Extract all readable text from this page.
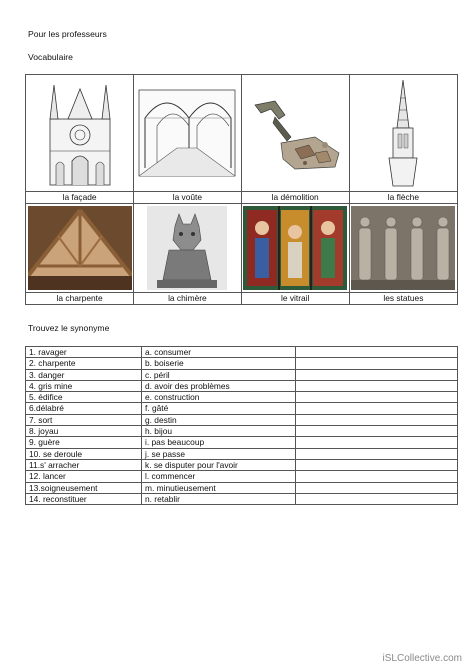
Pour les professeurs
Vocabulaire

la façade	la voûte	la démolition	la flèche

la charpente	la chimère	le vitrail	les statues
Trouvez le synonyme
1. ravager	a. consumer	
2. charpente	b. boiserie	
3. danger	c. péril	
4. gris mine	d. avoir des problèmes	
5. édifice	e. construction	
6.délabré	f. gâté	
7. sort	g. destin	
8. joyau	h. bijou	
9. guère	i. pas beaucoup	
10. se deroule	j. se passe	
11.s' arracher	k. se disputer pour l'avoir	
12. lancer	l. commencer	
13.soigneusement	m. minutieusement	
14. reconstituer	n. retablir	
iSLCollective.com
